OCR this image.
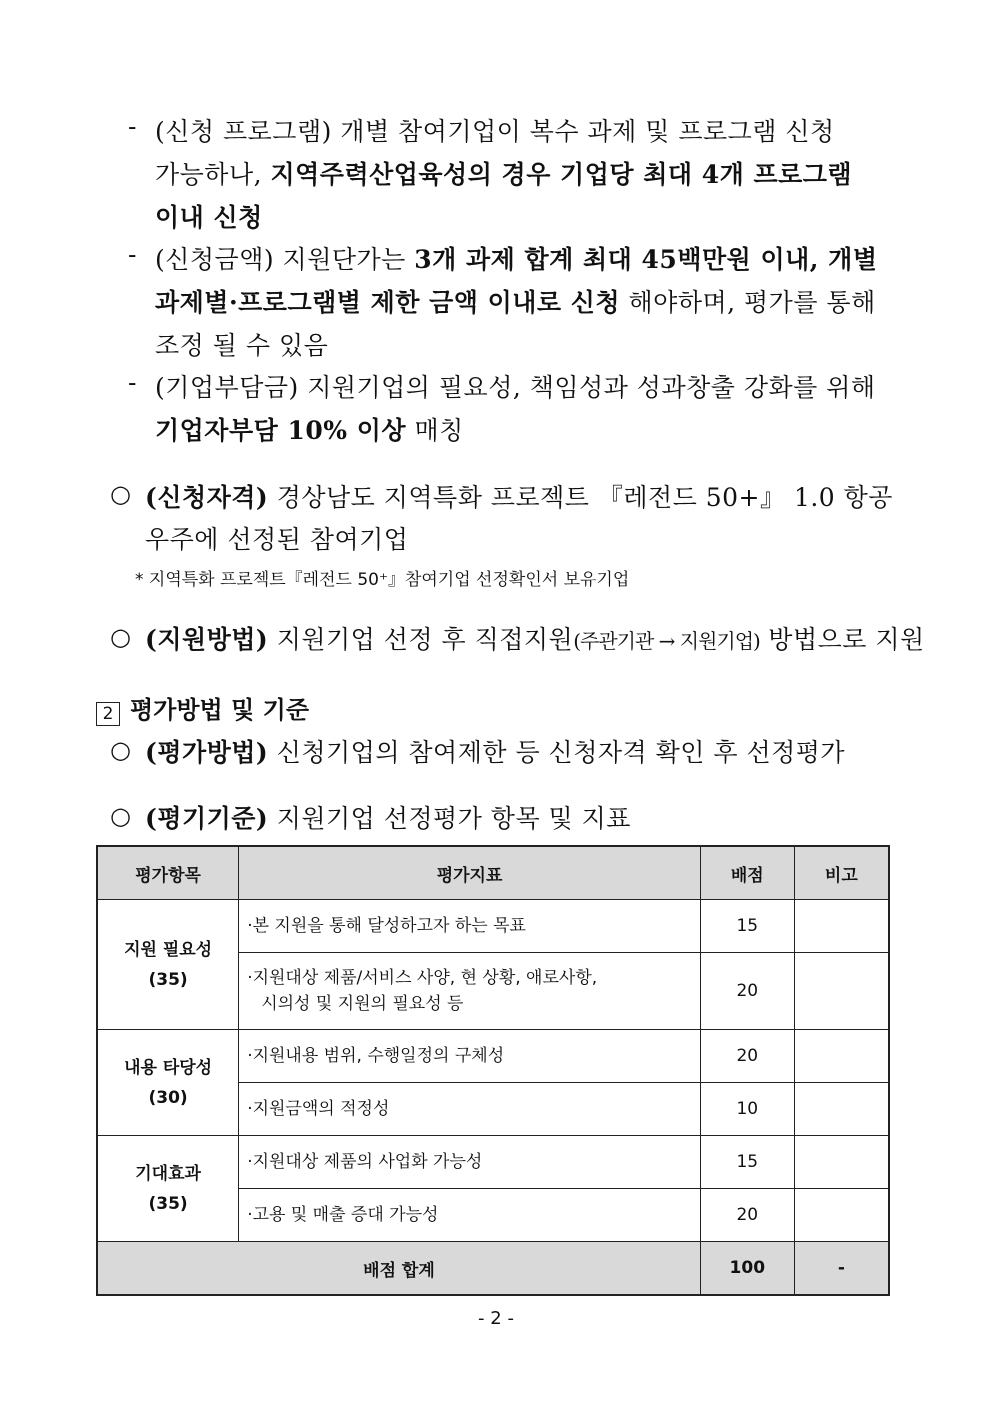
- (신청 프로그램) 개별 참여기업이 복수 과제 및 프로그램 신청
가능하나, 지역주력산업육성의 경우 기업당 최대 4개 프로그램
이내 신청
- (신청금액) 지원단가는 3개 과제 합계 최대 45백만원 이내, 개별
과제별·프로그램별 제한 금액 이내로 신청 해야하며, 평가를 통해
조정 될 수 있음
- (기업부담금) 지원기업의 필요성, 책임성과 성과창출 강화를 위해
기업자부담 10% 이상 매칭
○ (신청자격) 경상남도 지역특화 프로젝트 『레전드 50+』 1.0 항공
우주에 선정된 참여기업
* 지역특화 프로젝트『레전드 50⁺』참여기업 선정확인서 보유기업
○ (지원방법) 지원기업 선정 후 직접지원(주관기관 → 지원기업) 방법으로 지원
2 평가방법 및 기준
○ (평가방법) 신청기업의 참여제한 등 신청자격 확인 후 선정평가
○ (평기기준) 지원기업 선정평가 항목 및 지표
평가항목	평가지표	배점	비고

지원 필요성
(35)	·본 지원을 통해 달성하고자 하는 목표	15	

	·지원대상 제품/서비스 사양, 현 상황, 애로사항,
시의성 및 지원의 필요성 등	20	

내용 타당성
(30)	·지원내용 범위, 수행일정의 구체성	20	

	·지원금액의 적정성	10	

기대효과
(35)	·지원대상 제품의 사업화 가능성	15	

	·고용 및 매출 증대 가능성	20	
배점 합계		100	-
- 2 -
